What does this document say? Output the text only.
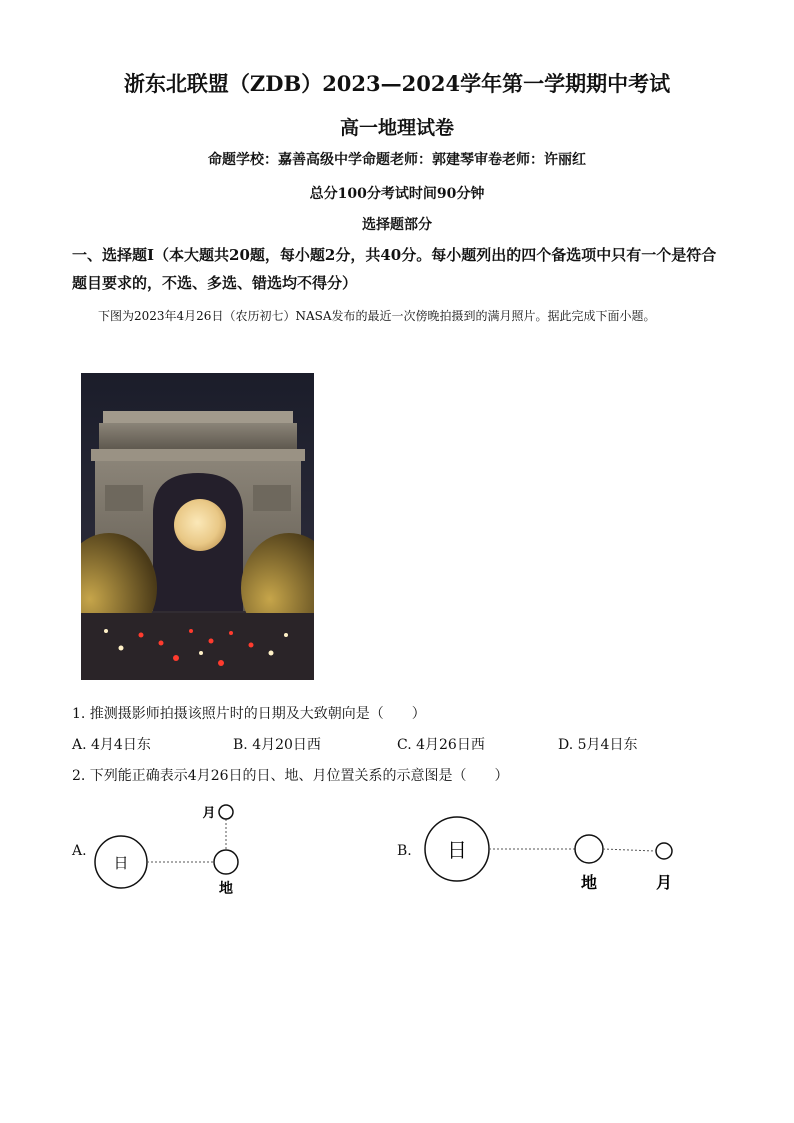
浙东北联盟（ZDB）2023—2024学年第一学期期中考试
高一地理试卷
命题学校：嘉善高级中学命题老师：郭建琴审卷老师：许丽红
总分100分考试时间90分钟
选择题部分
一、选择题Ⅰ（本大题共20题，每小题2分，共40分。每小题列出的四个备选项中只有一个是符合题目要求的，不选、多选、错选均不得分）
下图为2023年4月26日（农历初七）NASA发布的最近一次傍晚拍摄到的满月照片。据此完成下面小题。
1. 推测摄影师拍摄该照片时的日期及大致朝向是（　　）
A. 4月4日东	B. 4月20日西	C. 4月26日西	D. 5月4日东
2. 下列能正确表示4月26日的日、地、月位置关系的示意图是（　　）
A.	B.
日
地
月
日
地	月
